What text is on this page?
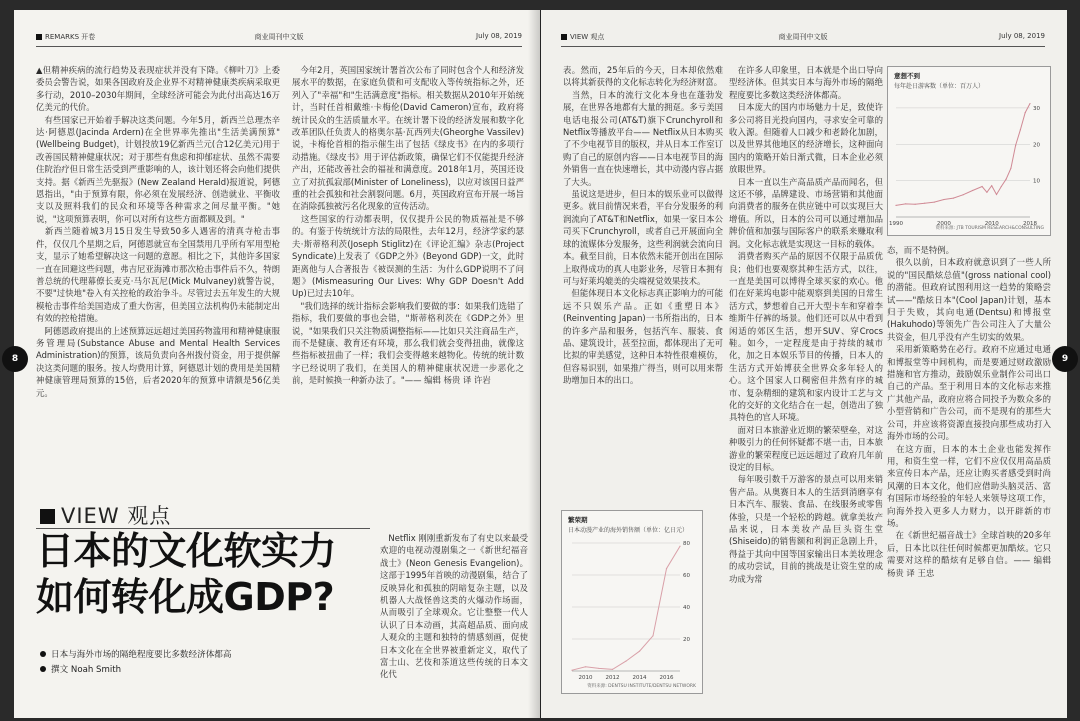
REMARKS 开卷	商业周刊中文版	July 08, 2019
▲但精神疾病的流行趋势及表现症状并没有下降。《柳叶刀》上委委员会警告说，如果各国政府及企业界不对精神健康类疾病采取更多行动，2010–2030年期间，全球经济可能会为此付出高达16万亿美元的代价。
　有些国家已开始着手解决这类问题。今年5月，新西兰总理杰辛达·阿德恩(Jacinda Ardern)在全世界率先推出"生活美满预算"(Wellbeing Budget)，计划投放19亿新西兰元(合12亿美元)用于改善国民精神健康状况；对于那些有焦虑和抑郁症状、虽然不需要住院治疗但日常生活受到严重影响的人，该计划还将会向他们提供支持。据《新西兰先驱报》(New Zealand Herald)报道说，阿德恩指出，"由于预算有限，你必须在发展经济、创造就业、平衡收支以及照料我们的民众和环境等各种需求之间尽量平衡。"她说，"这项预算表明，你可以对所有这些方面都顾及到。"
　新西兰随着城3月15日发生导致50多人遇害的清真寺枪击事件，仅仅几个星期之后，阿德恩就宣布全国禁用几乎所有军用型枪支，显示了她希望解决这一问题的意愿。相比之下，其他许多国家一直在回避这些问题，弗吉尼亚海滩市那次枪击事件后不久，特朗普总统的代理幕僚长麦克·马尔瓦尼(Mick Mulvaney)就警告说，不要"过快地"卷入有关控枪的政治争斗。尽管过去五年发生的大规模枪击事件给美国造成了重大伤害，但美国立法机构仍未能制定出有效的控枪措施。
　阿德恩政府提出的上述预算远远超过美国药物滥用和精神健康服务管理局(Substance Abuse and Mental Health Services Administration)的预算，该局负责向各州拨付资金，用于提供解决这类问题的服务。按人均费用计算，阿德恩计划的费用是美国精神健康管理局预算的15倍，后者2020年的预算申请额是56亿美元。
　今年2月，英国国家统计署首次公布了同时包含个人和经济发展水平的数据，在家庭负债和可支配收入等传统指标之外，还列入了"幸福"和"生活满意度"指标。相关数据从2010年开始统计，当时任首相戴维·卡梅伦(David Cameron)宣布，政府将统计民众的生活质量水平。在统计署下设的经济发展和数字化改革团队任负责人的格奥尔基·瓦西列夫(Gheorghe Vassilev)说，卡梅伦首相的指示催生出了包括《绿皮书》在内的多项行动措施。《绿皮书》用于评估新政策，确保它们不仅能提升经济产出，还能改善社会的福祉和满意度。2018年1月，英国还设立了对抗孤寂部(Minister of Loneliness)，以应对该国日益严重的社会孤独和社会割裂问题。6月，英国政府宣布开展一场旨在消除孤独被污名化现象的宣传活动。
　这些国家的行动都表明，仅仅提升公民的物质福祉是不够的。有鉴于传统统计方法的局限性，去年12月，经济学家约瑟夫·斯蒂格利茨(Joseph Stiglitz)在《评论汇编》杂志(Project Syndicate)上发表了《GDP之外》(Beyond GDP)一文，此时距离他与人合著报告《被误测的生活：为什么GDP说明不了问题》(Mismeasuring Our Lives: Why GDP Doesn't Add Up)已过去10年。
　"我们选择的统计指标会影响我们要做的事：如果我们选错了指标，我们要做的事也会错，"斯蒂格利茨在《GDP之外》里说，"如果我们只关注物质调整指标——比如只关注商品生产，而不是健康、教育还有环境，那么我们就会变得扭曲，就像这些指标被扭曲了一样；我们会变得越来越物化。传统的统计数字已经说明了我们，在美国人的精神健康状况进一步恶化之前，是时候换一种新办法了。"—— 编辑 杨贵 译 许岩
VIEW 观点
日本的文化软实力
如何转化成GDP?
日本与海外市场的隔绝程度要比多数经济体都高
撰文 Noah Smith
　Netflix 刚刚重新发布了有史以来最受欢迎的电视动漫剧集之一《新世纪福音战士》(Neon Genesis Evangelion)。这部于1995年首映的动漫剧集，结合了反映异化和孤独的阴暗复杂主题，以及机器人大战怪兽这类的火爆动作场面，从而吸引了全球观众。它让整整一代人认识了日本动画，其高超品质、面向成人观众的主题和独特的情感刻画，促使日本文化在全世界被重新定义，取代了富士山、艺伎和茶道这些传统的日本文化代
VIEW 观点	商业周刊中文版	July 08, 2019
表。然而，25年后的今天，日本却依然难以将其新获得的文化标志转化为经济财富。
　当然，日本的流行文化本身也在蓬勃发展，在世界各地都有大量的拥趸。多亏美国电话电报公司(AT&T)旗下Crunchyroll和Netflix等播放平台—— Netflix从日本购买了不少电视节目的版权，并从日本工作室订购了自己的原创内容——日本电视节目的海外销售一直在快速增长，其中动漫内容占据了大头。
　虽说这是进步，但日本的娱乐业可以做得更多。就目前情况来看，平台分发服务的利润流向了AT&T和Netflix，如果一家日本公司买下Crunchyroll，或者自己开展面向全球的流媒体分发服务，这些利润就会流向日本。截至目前，日本依然未能开创出在国际上取得成功的真人电影业务，尽管日本拥有可与好莱坞媲美的尖端视觉效果技术。
　但能体现日本文化标志真正影响力的可能远不只娱乐产品。正如《重塑日本》(Reinventing Japan)一书所指出的，日本的许多产品和服务，包括汽车、服装、食品、建筑设计，甚至拉面，都体现出了无可比拟的审美感觉，这种日本特性很难模仿，但容易识别，如果推广得当，则可以用来帮助增加日本的出口。
繁荣期
日本动漫产业的海外销售额（单位：亿日元）
20
40
60
80
2010 2012 2014 2016
资料来源: DENTSU INSTITUTE/DENTSU NETWORK
　在许多人印象里，日本就是个出口导向型经济体。但其实日本与海外市场的隔绝程度要比多数这类经济体都高。
　日本庞大的国内市场魅力十足，致使许多公司将目光投向国内，寻求安全可靠的收入源。但随着人口减少和老龄化加剧，以及世界其他地区的经济增长，这种面向国内的策略开始日渐式微，日本企业必须放眼世界。
　日本一直以生产高品质产品而闻名，但这还不够，品牌建设、市场营销和其他面向消费者的服务在供应链中可以实现巨大增值。所以，日本的公司可以通过增加品牌价值和加强与国际客户的联系来赚取利润。文化标志就是实现这一目标的载体。
　消费者购买产品的原因不仅限于品质优良；他们也要观察其种生活方式，以往，一直是美国可以博得全球买家的欢心。他们在好莱坞电影中能观察到美国的日常生活方式，梦想着自己开大型卡车和穿着李维斯牛仔裤的场景。他们还可以从中看到闲适的郊区生活，想开SUV、穿Crocs鞋。如今，一定程度是由于持续的城市化，加之日本娱乐节目的传播，日本人的生活方式开始博获全世界众多年轻人的心。这个国家人口稠密但井然有序的城市、复杂精细的建筑和家内设计工艺与文化的交好的文化结合在一起，创造出了独具特色的官人环境。
　面对日本旅游业近期的繁荣壁垒，对这种吸引力的任何怀疑都不堪一击，日本旅游业的繁荣程度已远远超过了政府几年前设定的目标。
　每年吸引数千万游客的景点可以用来销售产品。从奥赛日本人的生活到消磨享有日本汽车、服装、食品、在线服务或零售体验，只是一个轻松的跨越。就拿美妆产品来说，日本美妆产品巨头资生堂(Shiseido)的销售额和利润正急剧上升，得益于其向中国等国家输出日本美妆理念的成功尝试，目前的挑战是让资生堂的成功成为常
意想不到
每年赴日游客数（单位：百万人）
10
20
30
1990	2000	2010	2018
资料来源: JTB TOURISM RESEARCH&CONSULTING
态，而不是特例。
　很久以前，日本政府就意识到了一些人所说的"国民酷炫总值"(gross national cool)的潜能。但政府试图利用这一趋势的策略尝试——"酷炫日本"(Cool Japan)计划，基本归于失败，其向电通(Dentsu)和博报堂(Hakuhodo)等领先广告公司注入了大量公共资金，但几乎没有产生切实的效果。
　采用新策略势在必行。政府不应通过电通和博报堂等中间机构，而是要通过财政激励措施和官方推动，鼓励娱乐业制作公司出口自己的产品。至于利用日本的文化标志来推广其他产品，政府应将合同投予为数众多的小型营销和广告公司，而不是现有的那些大公司，并应该将资源直接投向那些成功打入海外市场的公司。
　在这方面，日本的本土企业也能发挥作用，和资生堂一样，它们不应仅仅用高品质来宣传日本产品，还应让购买者感受到时尚风潮的日本文化，他们应借助头脑灵活、富有国际市场经验的年轻人来领导这项工作，向海外投入更多人力财力，以开辟新的市场。
　在《新世纪福音战士》全球首映的20多年后，日本比以往任何时候都更加酷炫。它只需要对这样的酷炫有足够自信。—— 编辑 杨贵 译 王忠
8	9
